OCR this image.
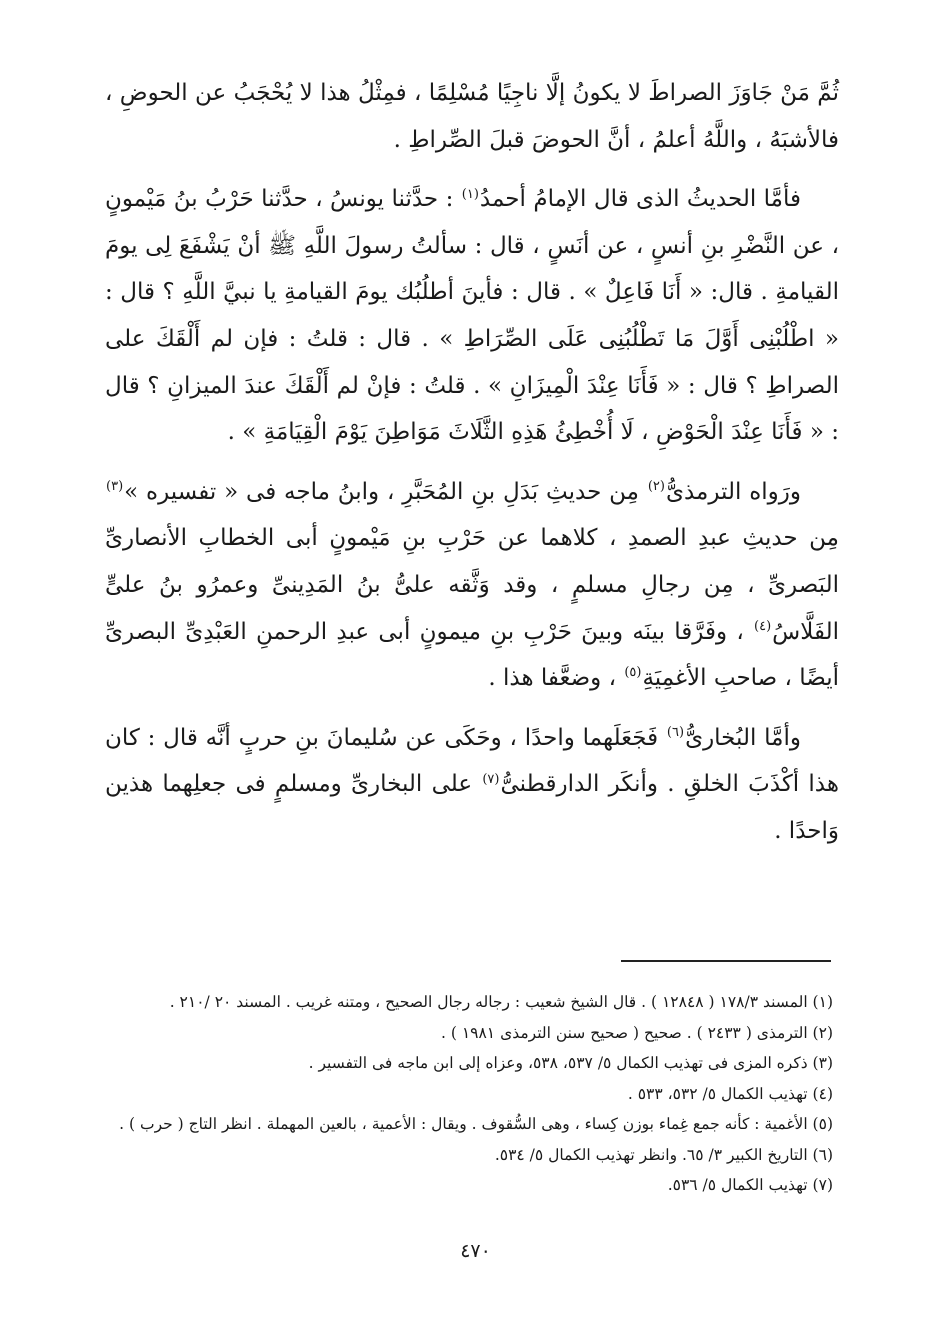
ثُمَّ مَنْ جَاوَزَ الصراطَ لا يكونُ إلَّا ناجِيًا مُسْلِمًا ، فمِثْلُ هذا لا يُحْجَبُ عن الحوضِ ، فالأشبَهُ ، واللَّهُ أعلمُ ، أنَّ الحوضَ قبلَ الصِّراطِ .

فأمَّا الحديثُ الذى قال الإمامُ أحمدُ$^{(١)}$ : حدَّثنا يونسُ ، حدَّثنا حَرْبُ بنُ مَيْمونٍ ، عن النَّضْرِ بنِ أنسٍ ، عن أنَسٍ ، قال : سألتُ رسولَ اللَّهِ ﷺ أنْ يَشْفَعَ لِى يومَ القيامةِ . قال: « أَنَا فَاعِلٌ » . قال : فأينَ أطلُبُك يومَ القيامةِ يا نبيَّ اللَّهِ ؟ قال : « اطْلُبْنِى أَوَّلَ مَا تَطْلُبُنِى عَلَى الصِّرَاطِ » . قال : قلتُ : فإن لم أَلْقَكَ على الصراطِ ؟ قال : « فَأَنَا عِنْدَ الْمِيزَانِ » . قلتُ : فإنْ لم أَلْقَكَ عندَ الميزانِ ؟ قال : « فَأَنَا عِنْدَ الْحَوْضِ ، لَا أُخْطِئُ هَذِهِ الثَّلَاثَ مَوَاطِنَ يَوْمَ الْقِيَامَةِ » .

ورَواه الترمذىُّ$^{(٢)}$ مِن حديثِ بَدَلِ بنِ المُحَبَّرِ ، وابنُ ماجه فى « تفسيره »$^{(٣)}$ مِن حديثِ عبدِ الصمدِ ، كلاهما عن حَرْبِ بنِ مَيْمونٍ أبى الخطابِ الأنصارىِّ البَصرىِّ ، مِن رجالِ مسلمٍ ، وقد وَثَّقه علىُّ بنُ المَدِينىِّ وعمرُو بنُ علىٍّ الفَلَّاسُ$^{(٤)}$ ، وفَرَّقا بينَه وبينَ حَرْبِ بنِ ميمونٍ أبى عبدِ الرحمنِ العَبْدِىِّ البصرىِّ أيضًا ، صاحبِ الأغمِيَةِ$^{(٥)}$ ، وضعَّفا هذا .

وأمَّا البُخارىُّ$^{(٦)}$ فَجَعَلَهما واحدًا ، وحَكَى عن سُليمانَ بنِ حربٍ أنَّه قال : كان هذا أكْذَبَ الخلقِ . وأنكَر الدارقطنىُّ$^{(٧)}$ على البخارىِّ ومسلمٍ فى جعلِهما هذين وَاحدًا .

(١) المسند ١٧٨/٣ ( ١٢٨٤٨ ) . قال الشيخ شعيب : رجاله رجال الصحيح ، ومتنه غريب . المسند ٢٠ /٢١٠ .
(٢) الترمذى ( ٢٤٣٣ ) . صحيح ( صحيح سنن الترمذى ١٩٨١ ) .
(٣) ذكره المزى فى تهذيب الكمال ٥/ ٥٣٧، ٥٣٨، وعزاه إلى ابن ماجه فى التفسير .
(٤) تهذيب الكمال ٥/ ٥٣٢، ٥٣٣ .
(٥) الأغمية : كأنه جمع غِماء بوزن كِساء ، وهى السُّقوف . ويقال : الأعمية ، بالعين المهملة . انظر التاج ( حرب ) .
(٦) التاريخ الكبير ٣/ ٦٥. وانظر تهذيب الكمال ٥/ ٥٣٤.
(٧) تهذيب الكمال ٥/ ٥٣٦.
٤٧٠
